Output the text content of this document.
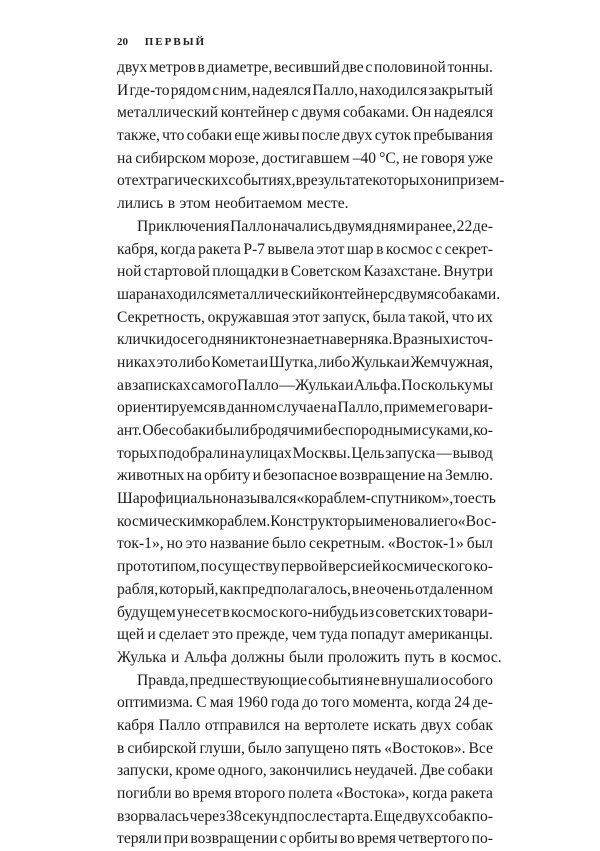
20 ПЕРВЫЙ
двух метров в диаметре, весивший две с половиной тонны.
И где-то рядом с ним, надеялся Палло, находился закрытый
металлический контейнер с двумя собаками. Он надеялся
также, что собаки еще живы после двух суток пребывания
на сибирском морозе, достигавшем –40 °С, не говоря уже
о тех трагических событиях, в результате которых они призем-
лились в этом необитаемом месте.
Приключения Палло начались двумя днями ранее, 22 де-
кабря, когда ракета Р-7 вывела этот шар в космос с секрет-
ной стартовой площадки в Советском Казахстане. Внутри
шара находился металлический контейнер с двумя собаками.
Секретность, окружавшая этот запуск, была такой, что их
клички до сего дня никто не знает наверняка. В разных источ-
никах это либо Комета и Шутка, либо Жулька и Жемчужная,
а в записках самого Палло — Жулька и Альфа. Поскольку мы
ориентируемся в данном случае на Палло, примем его вари-
ант. Обе собаки были бродячими беспородными суками, ко-
торых подобрали на улицах Москвы. Цель запуска — вывод
животных на орбиту и безопасное возвращение на Землю.
Шар официально назывался «кораблем-спутником», то есть
космическим кораблем. Конструкторы именовали его «Вос-
ток-1», но это название было секретным. «Восток-1» был
прототипом, по существу первой версией космического ко-
рабля, который, как предполагалось, в не очень отдаленном
будущем унесет в космос кого-нибудь из советских товари-
щей и сделает это прежде, чем туда попадут американцы.
Жулька и Альфа должны были проложить путь в космос.
Правда, предшествующие события не внушали особого
оптимизма. С мая 1960 года до того момента, когда 24 де-
кабря Палло отправился на вертолете искать двух собак
в сибирской глуши, было запущено пять «Востоков». Все
запуски, кроме одного, закончились неудачей. Две собаки
погибли во время второго полета «Востока», когда ракета
взорвалась через 38 секунд после старта. Еще двух собак по-
теряли при возвращении с орбиты во время четвертого по-
